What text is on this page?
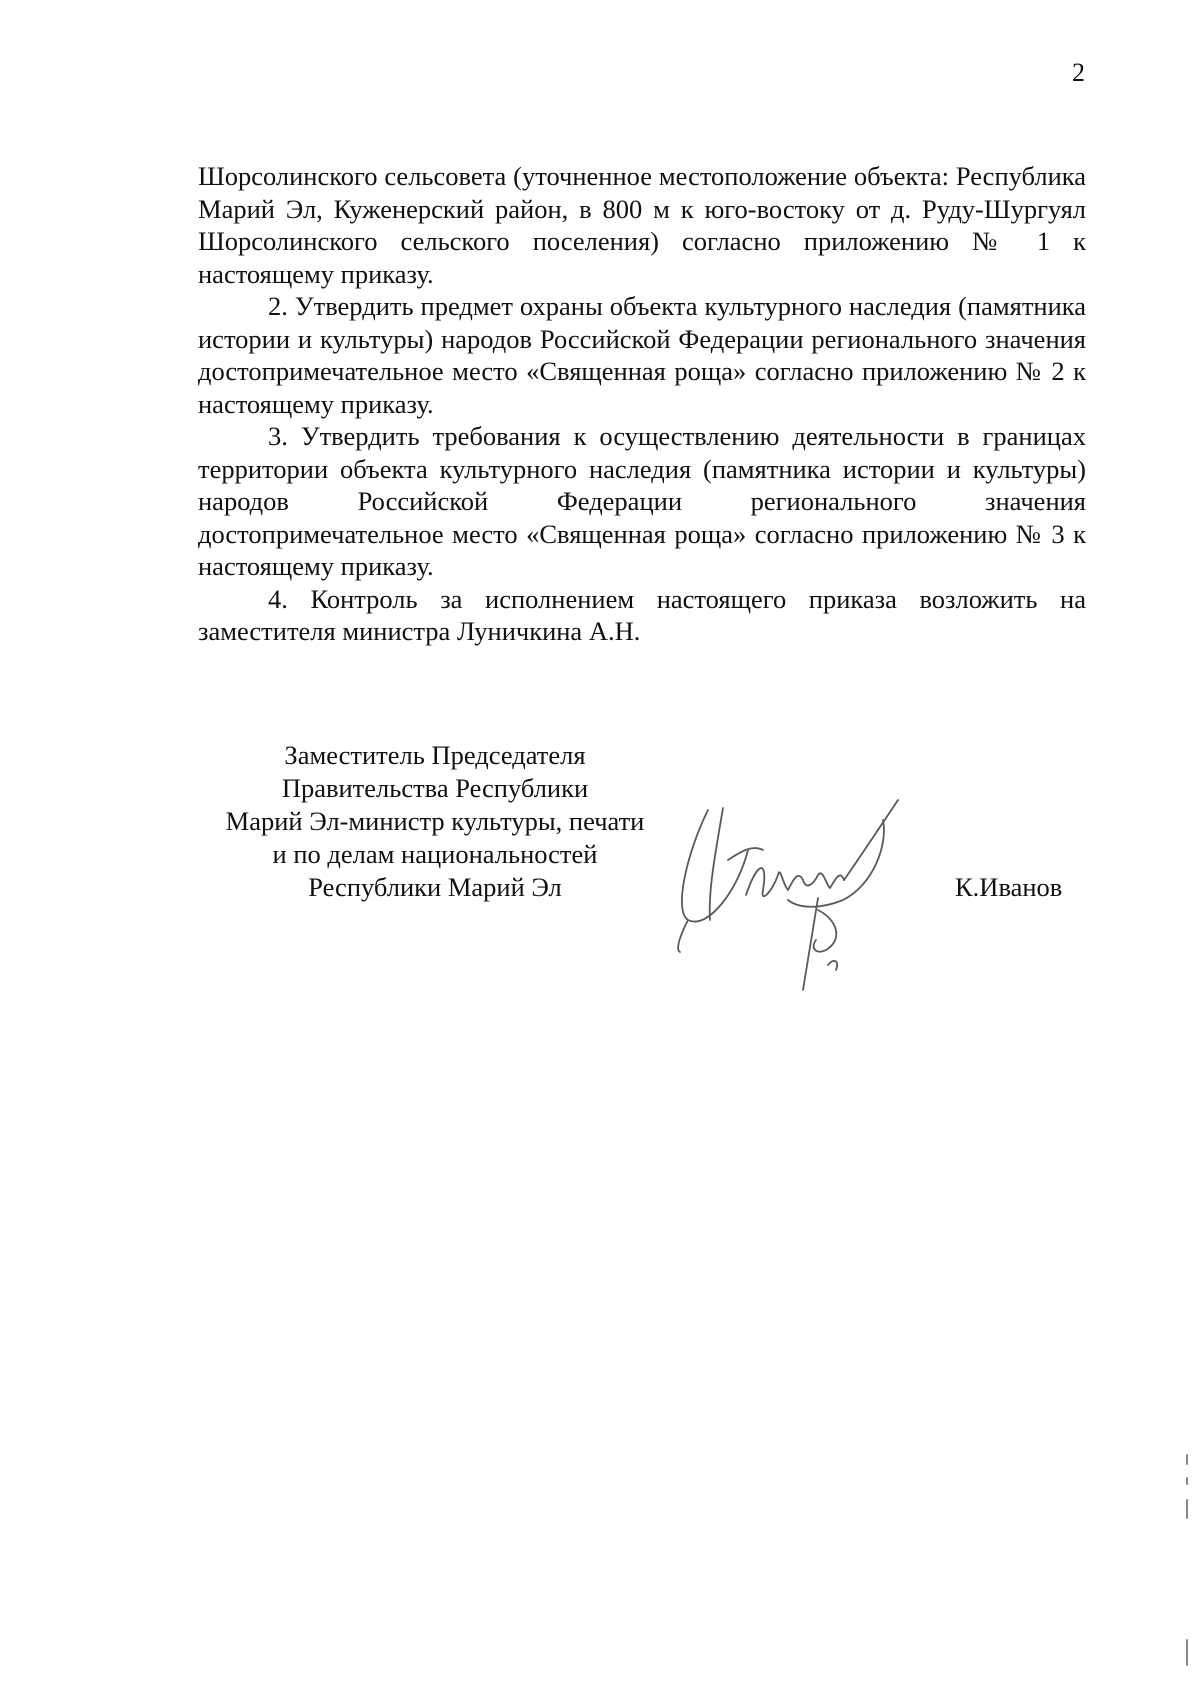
2

Шорсолинского сельсовета (уточненное местоположение объекта: Республика Марий Эл, Куженерский район, в 800 м к юго-востоку от д. Руду-Шургуял Шорсолинского сельского поселения) согласно приложению № 1 к настоящему приказу.

2. Утвердить предмет охраны объекта культурного наследия (памятника истории и культуры) народов Российской Федерации регионального значения достопримечательное место «Священная роща» согласно приложению № 2 к настоящему приказу.

3. Утвердить требования к осуществлению деятельности в границах территории объекта культурного наследия (памятника истории и культуры) народов Российской Федерации регионального значения достопримечательное место «Священная роща» согласно приложению № 3 к настоящему приказу.

4. Контроль за исполнением настоящего приказа возложить на заместителя министра Луничкина А.Н.

Заместитель Председателя
Правительства Республики
Марий Эл-министр культуры, печати
и по делам национальностей
Республики Марий Эл	К.Иванов
